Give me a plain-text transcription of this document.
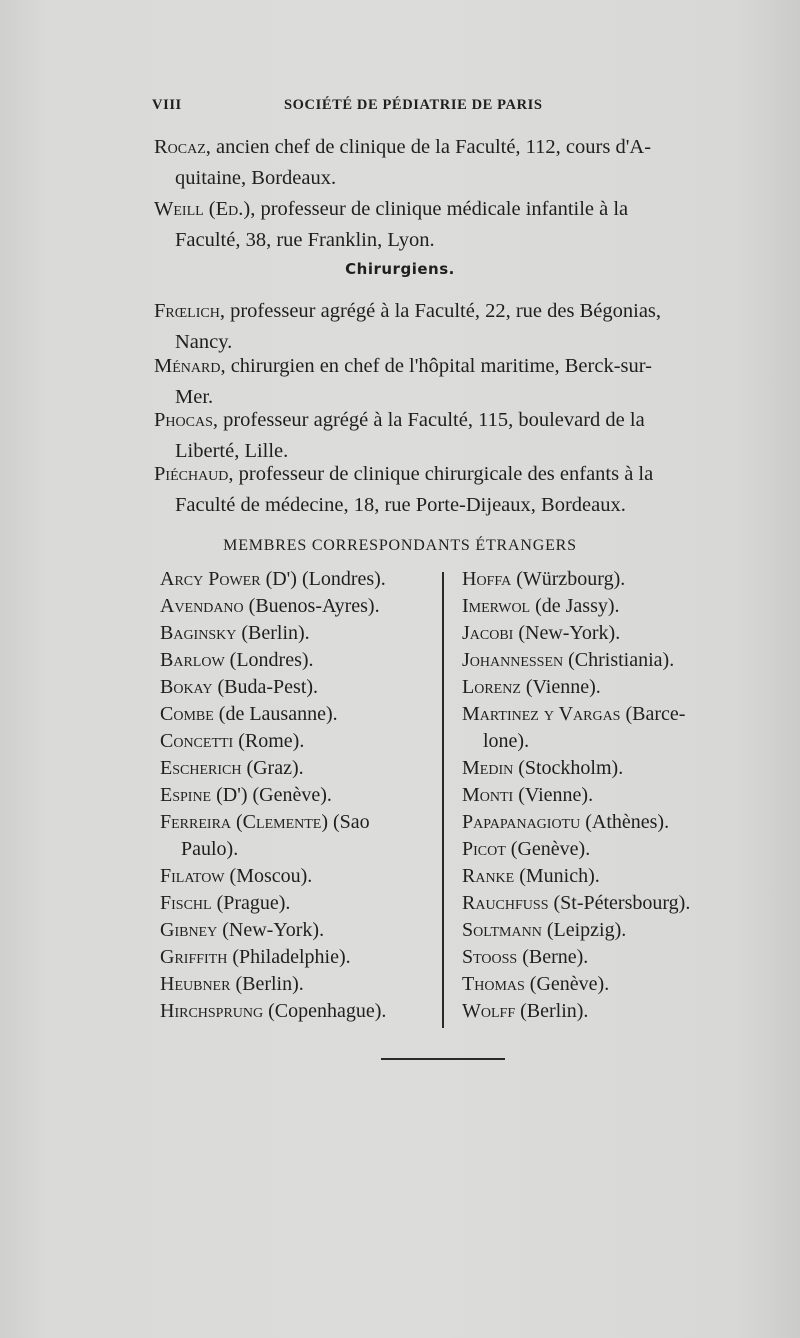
VIII	SOCIÉTÉ DE PÉDIATRIE DE PARIS
Rocaz, ancien chef de clinique de la Faculté, 112, cours d'A-
quitaine, Bordeaux.
Weill (Ed.), professeur de clinique médicale infantile à la
Faculté, 38, rue Franklin, Lyon.
Chirurgiens.
Frœlich, professeur agrégé à la Faculté, 22, rue des Bégonias,
Nancy.
Ménard, chirurgien en chef de l'hôpital maritime, Berck-sur-
Mer.
Phocas, professeur agrégé à la Faculté, 115, boulevard de la
Liberté, Lille.
Piéchaud, professeur de clinique chirurgicale des enfants à la
Faculté de médecine, 18, rue Porte-Dijeaux, Bordeaux.
MEMBRES CORRESPONDANTS ÉTRANGERS
Arcy Power (D') (Londres).
Avendano (Buenos-Ayres).
Baginsky (Berlin).
Barlow (Londres).
Bokay (Buda-Pest).
Combe (de Lausanne).
Concetti (Rome).
Escherich (Graz).
Espine (D') (Genève).
Ferreira (Clemente) (Sao
Paulo).
Filatow (Moscou).
Fischl (Prague).
Gibney (New-York).
Griffith (Philadelphie).
Heubner (Berlin).
Hirchsprung (Copenhague).
Hoffa (Würzbourg).
Imerwol (de Jassy).
Jacobi (New-York).
Johannessen (Christiania).
Lorenz (Vienne).
Martinez y Vargas (Barce-
lone).
Medin (Stockholm).
Monti (Vienne).
Papapanagiotu (Athènes).
Picot (Genève).
Ranke (Munich).
Rauchfuss (St-Pétersbourg).
Soltmann (Leipzig).
Stooss (Berne).
Thomas (Genève).
Wolff (Berlin).
